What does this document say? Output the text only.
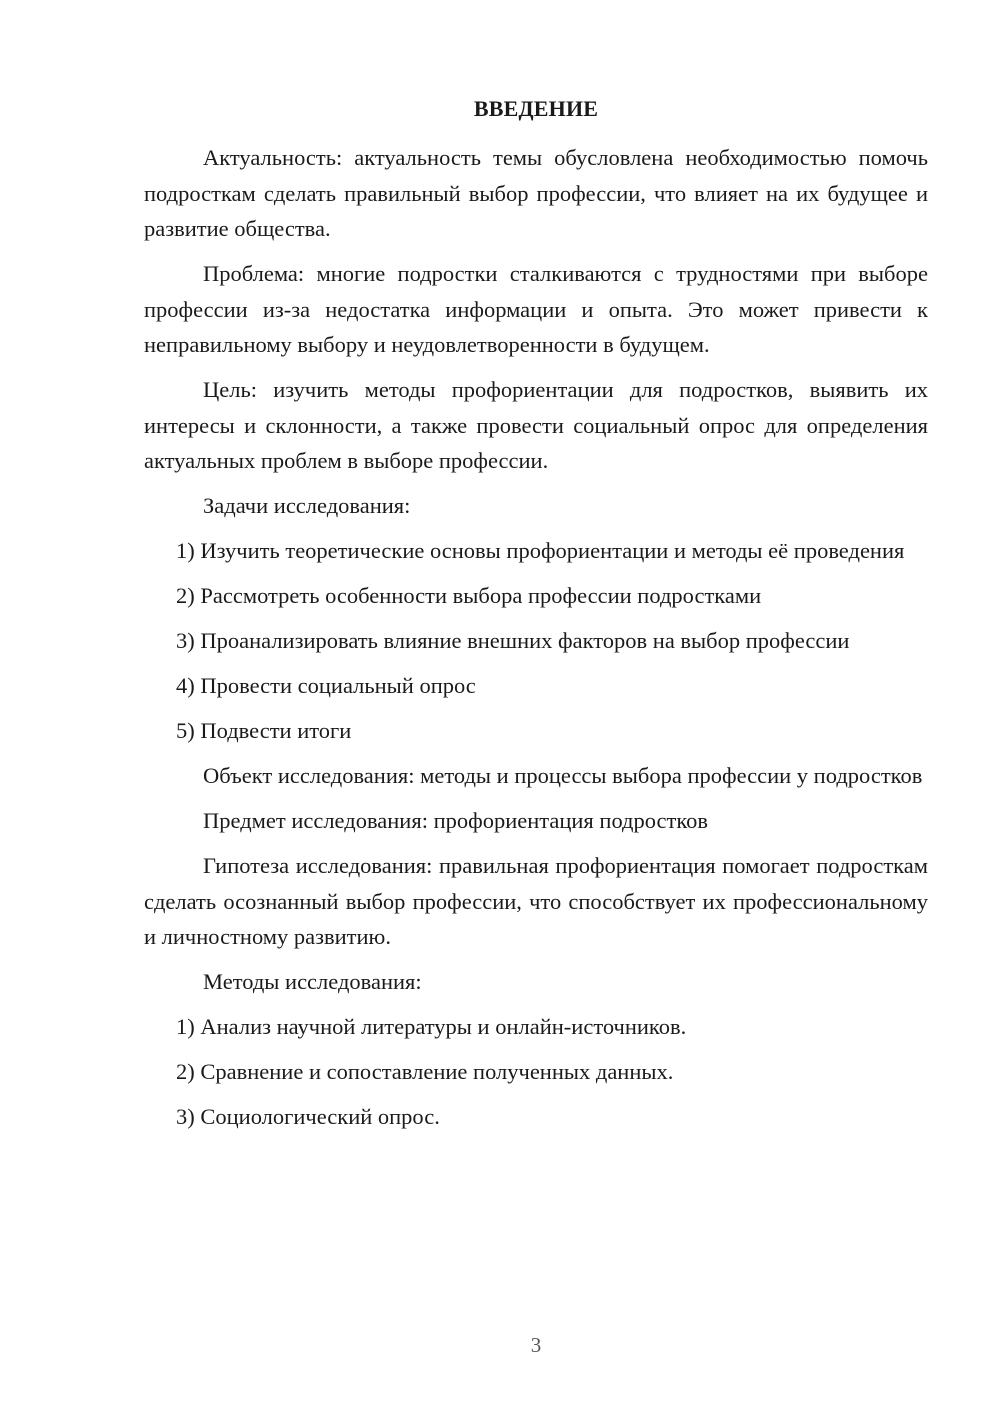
ВВЕДЕНИЕ

Актуальность: актуальность темы обусловлена необходимостью помочь подросткам сделать правильный выбор профессии, что влияет на их будущее и развитие общества.

Проблема: многие подростки сталкиваются с трудностями при выборе профессии из-за недостатка информации и опыта. Это может привести к неправильному выбору и неудовлетворенности в будущем.

Цель: изучить методы профориентации для подростков, выявить их интересы и склонности, а также провести социальный опрос для определения актуальных проблем в выборе профессии.

Задачи исследования:

1) Изучить теоретические основы профориентации и методы её проведения

2) Рассмотреть особенности выбора профессии подростками

3) Проанализировать влияние внешних факторов на выбор профессии

4) Провести социальный опрос

5) Подвести итоги

Объект исследования: методы и процессы выбора профессии у подростков

Предмет исследования: профориентация подростков

Гипотеза исследования: правильная профориентация помогает подросткам сделать осознанный выбор профессии, что способствует их профессиональному и личностному развитию.

Методы исследования:

1) Анализ научной литературы и онлайн-источников.

2) Сравнение и сопоставление полученных данных.

3) Социологический опрос.

3
